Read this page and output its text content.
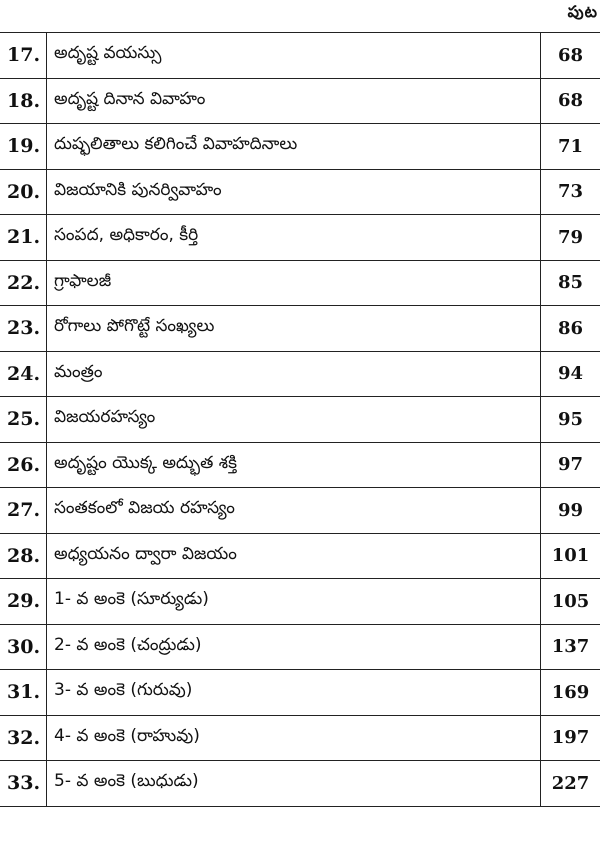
పుట
17. అదృష్ట వయస్సు	68
18. అదృష్ట దినాన వివాహం	68
19. దుష్ఫలితాలు కలిగించే వివాహదినాలు	71
20. విజయానికి పునర్వివాహం	73
21. సంపద, అధికారం, కీర్తి	79
22. గ్రాఫాలజీ	85
23. రోగాలు పోగొట్టే సంఖ్యలు	86
24. మంత్రం	94
25. విజయరహస్యం	95
26. అదృష్టం యొక్క అద్భుత శక్తి	97
27. సంతకంలో విజయ రహస్యం	99
28. అధ్యయనం ద్వారా విజయం	101
29. 1- వ అంకె (సూర్యుడు)	105
30. 2- వ అంకె (చంద్రుడు)	137
31. 3- వ అంకె (గురువు)	169
32. 4- వ అంకె (రాహువు)	197
33. 5- వ అంకె (బుధుడు)	227
